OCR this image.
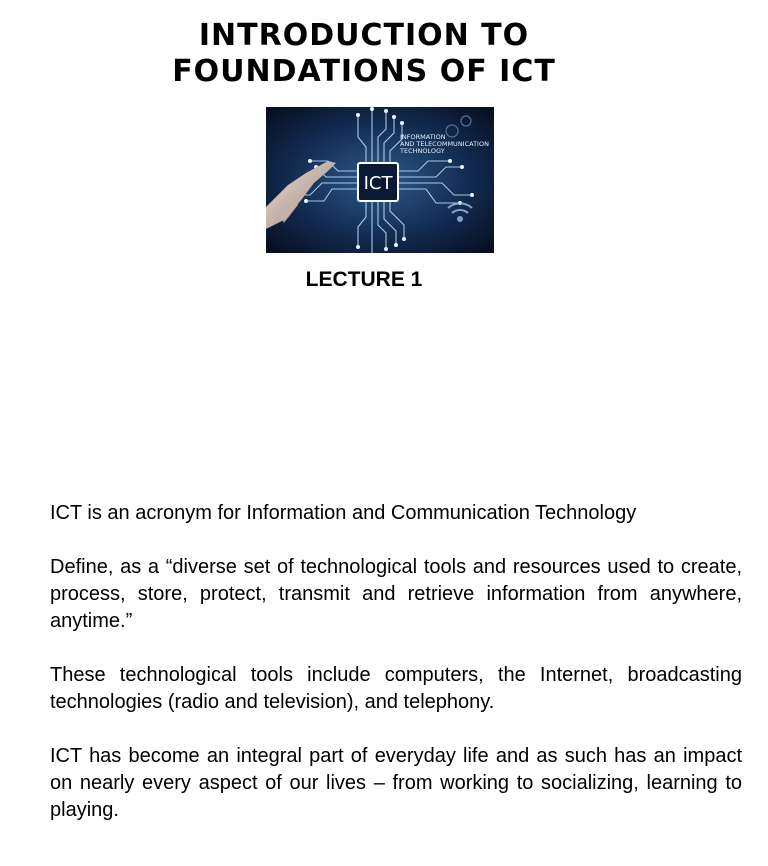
INTRODUCTION TO
FOUNDATIONS OF ICT
ICT
INFORMATION
AND TELECOMMUNICATION
TECHNOLOGY
LECTURE 1

ICT is an acronym for Information and Communication Technology

Define, as a “diverse set of technological tools and resources used to create, process, store, protect, transmit and retrieve information from anywhere, anytime.”

These technological tools include computers, the Internet, broadcasting technologies (radio and television), and telephony.

ICT has become an integral part of everyday life and as such has an impact on nearly every aspect of our lives – from working to socializing, learning to playing.
